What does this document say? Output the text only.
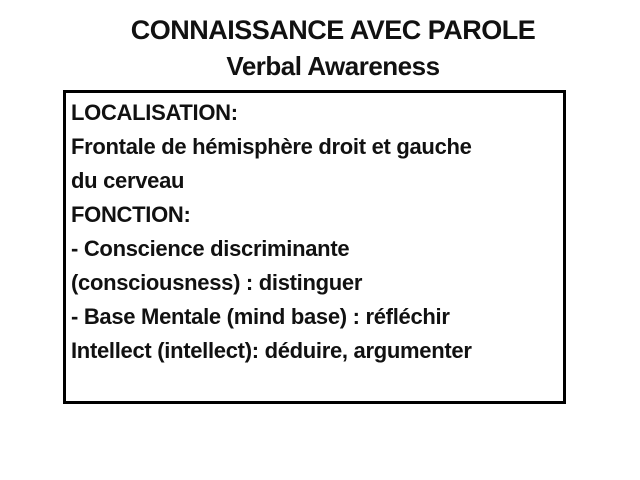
CONNAISSANCE AVEC PAROLE
Verbal Awareness
LOCALISATION:
Frontale de hémisphère droit et gauche
du cerveau
FONCTION:
- Conscience discriminante
(consciousness) : distinguer
- Base Mentale (mind base) : réfléchir
Intellect (intellect): déduire, argumenter
